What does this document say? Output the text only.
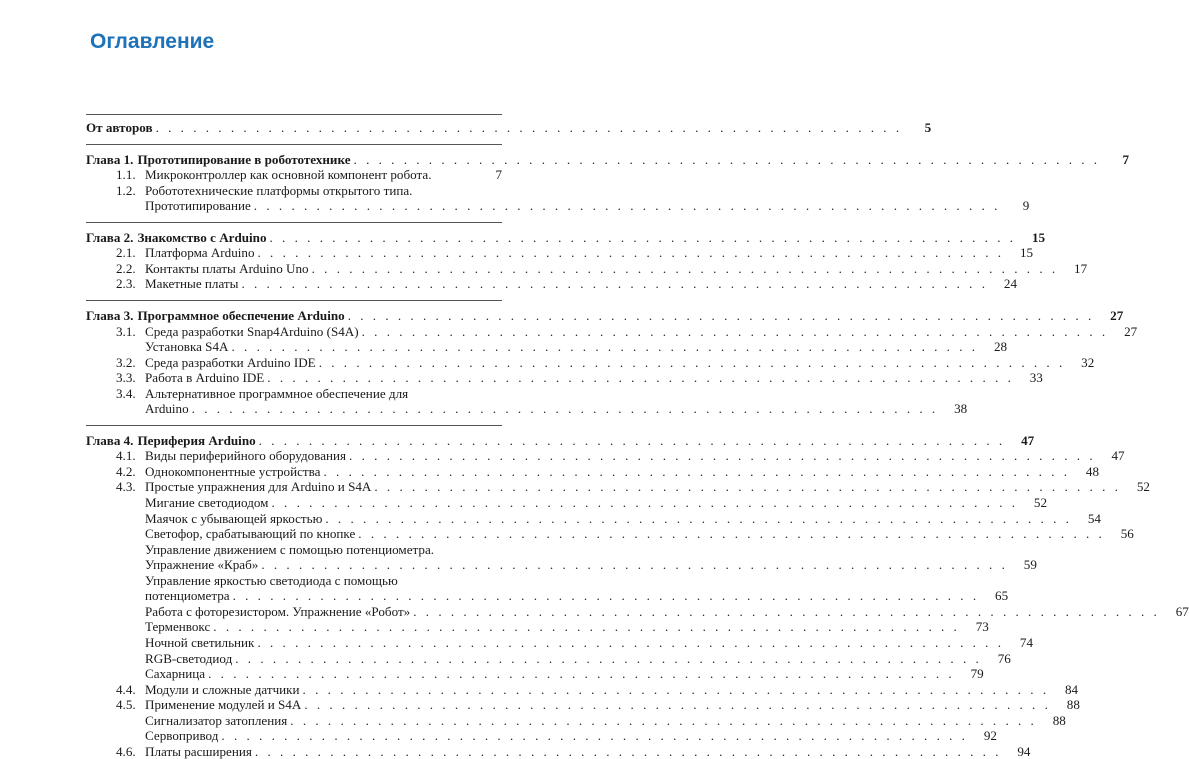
Оглавление
От авторов . . . . . . . . . . . . . . . . . . . . . . . . . . . . . . . . . . . . . . . . . . . . . . . . . . . . . . . . . . . .	5
Глава 1. Прототипирование в робототехнике . . . . . . . . . . . . . . . . . . . . . . . . . . . . . . . . . . . . . . . . . . . . . . . . . . . . . . . . . . . .	7
1.1. Микроконтроллер как основной компонент робота.	7
1.2. Робототехнические платформы открытого типа.
Прототипирование . . . . . . . . . . . . . . . . . . . . . . . . . . . . . . . . . . . . . . . . . . . . . . . . . . . . . . . . . . . .	9
Глава 2. Знакомство с Arduino . . . . . . . . . . . . . . . . . . . . . . . . . . . . . . . . . . . . . . . . . . . . . . . . . . . . . . . . . . . .	15
2.1. Платформа Arduino . . . . . . . . . . . . . . . . . . . . . . . . . . . . . . . . . . . . . . . . . . . . . . . . . . . . . . . . . . . .	15
2.2. Контакты платы Arduino Uno . . . . . . . . . . . . . . . . . . . . . . . . . . . . . . . . . . . . . . . . . . . . . . . . . . . . . . . . . . . .	17
2.3. Макетные платы . . . . . . . . . . . . . . . . . . . . . . . . . . . . . . . . . . . . . . . . . . . . . . . . . . . . . . . . . . . .	24
Глава 3. Программное обеспечение Arduino . . . . . . . . . . . . . . . . . . . . . . . . . . . . . . . . . . . . . . . . . . . . . . . . . . . . . . . . . . . .	27
3.1. Среда разработки Snap4Arduino (S4A) . . . . . . . . . . . . . . . . . . . . . . . . . . . . . . . . . . . . . . . . . . . . . . . . . . . . . . . . . . . .	27
Установка S4A . . . . . . . . . . . . . . . . . . . . . . . . . . . . . . . . . . . . . . . . . . . . . . . . . . . . . . . . . . . .	28
3.2. Среда разработки Arduino IDE . . . . . . . . . . . . . . . . . . . . . . . . . . . . . . . . . . . . . . . . . . . . . . . . . . . . . . . . . . . .	32
3.3. Работа в Arduino IDE . . . . . . . . . . . . . . . . . . . . . . . . . . . . . . . . . . . . . . . . . . . . . . . . . . . . . . . . . . . .	33
3.4. Альтернативное программное обеспечение для
Arduino . . . . . . . . . . . . . . . . . . . . . . . . . . . . . . . . . . . . . . . . . . . . . . . . . . . . . . . . . . . .	38
Глава 4. Периферия Arduino . . . . . . . . . . . . . . . . . . . . . . . . . . . . . . . . . . . . . . . . . . . . . . . . . . . . . . . . . . . .	47
4.1. Виды периферийного оборудования . . . . . . . . . . . . . . . . . . . . . . . . . . . . . . . . . . . . . . . . . . . . . . . . . . . . . . . . . . . .	47
4.2. Однокомпонентные устройства . . . . . . . . . . . . . . . . . . . . . . . . . . . . . . . . . . . . . . . . . . . . . . . . . . . . . . . . . . . .	48
4.3. Простые упражнения для Arduino и S4A . . . . . . . . . . . . . . . . . . . . . . . . . . . . . . . . . . . . . . . . . . . . . . . . . . . . . . . . . . . .	52
Мигание светодиодом . . . . . . . . . . . . . . . . . . . . . . . . . . . . . . . . . . . . . . . . . . . . . . . . . . . . . . . . . . . .	52
Маячок с убывающей яркостью . . . . . . . . . . . . . . . . . . . . . . . . . . . . . . . . . . . . . . . . . . . . . . . . . . . . . . . . . . . .	54
Светофор, срабатывающий по кнопке . . . . . . . . . . . . . . . . . . . . . . . . . . . . . . . . . . . . . . . . . . . . . . . . . . . . . . . . . . . .	56
Управление движением с помощью потенциометра.
Упражнение «Краб» . . . . . . . . . . . . . . . . . . . . . . . . . . . . . . . . . . . . . . . . . . . . . . . . . . . . . . . . . . . .	59
Управление яркостью светодиода с помощью
потенциометра . . . . . . . . . . . . . . . . . . . . . . . . . . . . . . . . . . . . . . . . . . . . . . . . . . . . . . . . . . . .	65
Работа с фоторезистором. Упражнение «Робот» . . . . . . . . . . . . . . . . . . . . . . . . . . . . . . . . . . . . . . . . . . . . . . . . . . . . . . . . . . . .	67
Терменвокс . . . . . . . . . . . . . . . . . . . . . . . . . . . . . . . . . . . . . . . . . . . . . . . . . . . . . . . . . . . .	73
Ночной светильник . . . . . . . . . . . . . . . . . . . . . . . . . . . . . . . . . . . . . . . . . . . . . . . . . . . . . . . . . . . .	74
RGB-светодиод . . . . . . . . . . . . . . . . . . . . . . . . . . . . . . . . . . . . . . . . . . . . . . . . . . . . . . . . . . . .	76
Сахарница . . . . . . . . . . . . . . . . . . . . . . . . . . . . . . . . . . . . . . . . . . . . . . . . . . . . . . . . . . . .	79
4.4. Модули и сложные датчики . . . . . . . . . . . . . . . . . . . . . . . . . . . . . . . . . . . . . . . . . . . . . . . . . . . . . . . . . . . .	84
4.5. Применение модулей и S4A . . . . . . . . . . . . . . . . . . . . . . . . . . . . . . . . . . . . . . . . . . . . . . . . . . . . . . . . . . . .	88
Сигнализатор затопления . . . . . . . . . . . . . . . . . . . . . . . . . . . . . . . . . . . . . . . . . . . . . . . . . . . . . . . . . . . .	88
Сервопривод . . . . . . . . . . . . . . . . . . . . . . . . . . . . . . . . . . . . . . . . . . . . . . . . . . . . . . . . . . . .	92
4.6. Платы расширения . . . . . . . . . . . . . . . . . . . . . . . . . . . . . . . . . . . . . . . . . . . . . . . . . . . . . . . . . . . .	94
